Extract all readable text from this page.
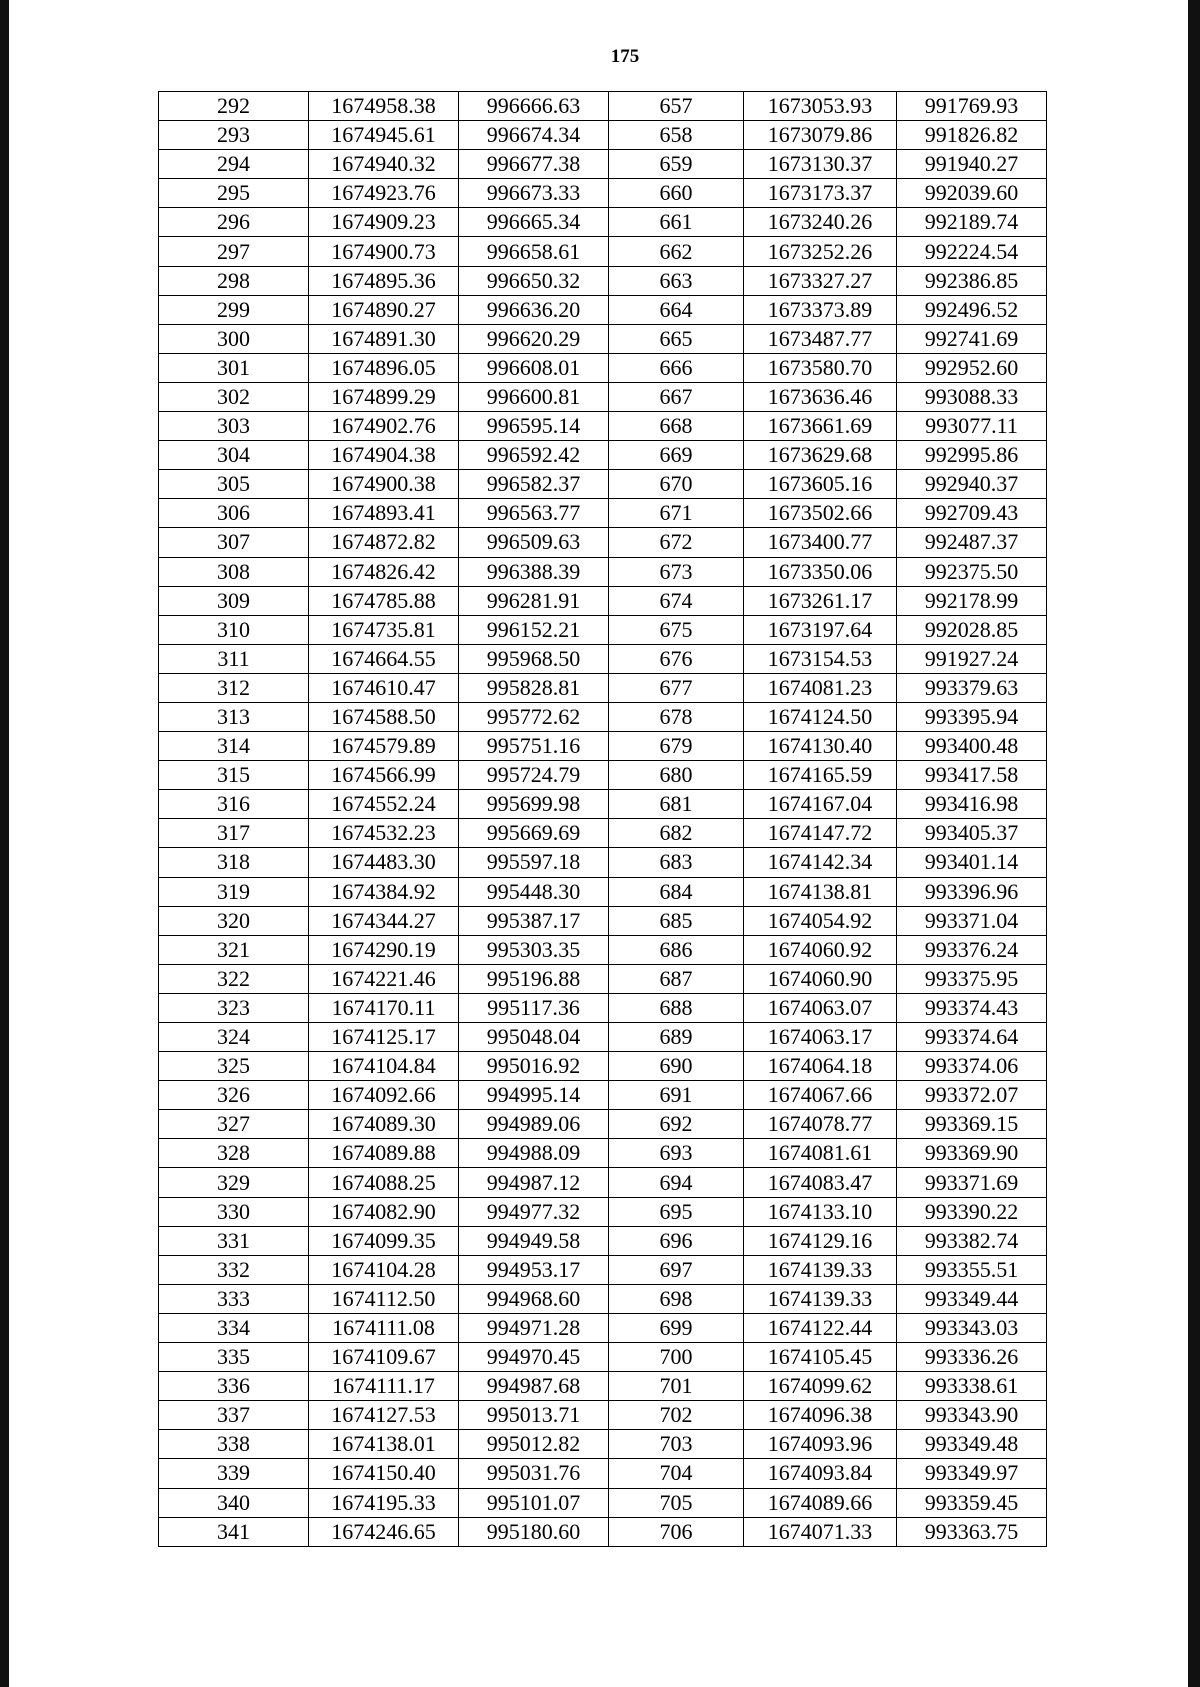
175
292	1674958.38	996666.63	657	1673053.93	991769.93
293	1674945.61	996674.34	658	1673079.86	991826.82
294	1674940.32	996677.38	659	1673130.37	991940.27
295	1674923.76	996673.33	660	1673173.37	992039.60
296	1674909.23	996665.34	661	1673240.26	992189.74
297	1674900.73	996658.61	662	1673252.26	992224.54
298	1674895.36	996650.32	663	1673327.27	992386.85
299	1674890.27	996636.20	664	1673373.89	992496.52
300	1674891.30	996620.29	665	1673487.77	992741.69
301	1674896.05	996608.01	666	1673580.70	992952.60
302	1674899.29	996600.81	667	1673636.46	993088.33
303	1674902.76	996595.14	668	1673661.69	993077.11
304	1674904.38	996592.42	669	1673629.68	992995.86
305	1674900.38	996582.37	670	1673605.16	992940.37
306	1674893.41	996563.77	671	1673502.66	992709.43
307	1674872.82	996509.63	672	1673400.77	992487.37
308	1674826.42	996388.39	673	1673350.06	992375.50
309	1674785.88	996281.91	674	1673261.17	992178.99
310	1674735.81	996152.21	675	1673197.64	992028.85
311	1674664.55	995968.50	676	1673154.53	991927.24
312	1674610.47	995828.81	677	1674081.23	993379.63
313	1674588.50	995772.62	678	1674124.50	993395.94
314	1674579.89	995751.16	679	1674130.40	993400.48
315	1674566.99	995724.79	680	1674165.59	993417.58
316	1674552.24	995699.98	681	1674167.04	993416.98
317	1674532.23	995669.69	682	1674147.72	993405.37
318	1674483.30	995597.18	683	1674142.34	993401.14
319	1674384.92	995448.30	684	1674138.81	993396.96
320	1674344.27	995387.17	685	1674054.92	993371.04
321	1674290.19	995303.35	686	1674060.92	993376.24
322	1674221.46	995196.88	687	1674060.90	993375.95
323	1674170.11	995117.36	688	1674063.07	993374.43
324	1674125.17	995048.04	689	1674063.17	993374.64
325	1674104.84	995016.92	690	1674064.18	993374.06
326	1674092.66	994995.14	691	1674067.66	993372.07
327	1674089.30	994989.06	692	1674078.77	993369.15
328	1674089.88	994988.09	693	1674081.61	993369.90
329	1674088.25	994987.12	694	1674083.47	993371.69
330	1674082.90	994977.32	695	1674133.10	993390.22
331	1674099.35	994949.58	696	1674129.16	993382.74
332	1674104.28	994953.17	697	1674139.33	993355.51
333	1674112.50	994968.60	698	1674139.33	993349.44
334	1674111.08	994971.28	699	1674122.44	993343.03
335	1674109.67	994970.45	700	1674105.45	993336.26
336	1674111.17	994987.68	701	1674099.62	993338.61
337	1674127.53	995013.71	702	1674096.38	993343.90
338	1674138.01	995012.82	703	1674093.96	993349.48
339	1674150.40	995031.76	704	1674093.84	993349.97
340	1674195.33	995101.07	705	1674089.66	993359.45
341	1674246.65	995180.60	706	1674071.33	993363.75
